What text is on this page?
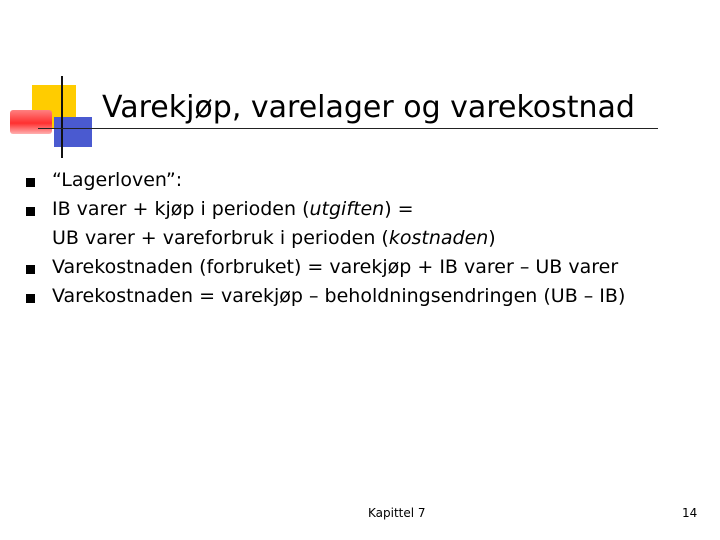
Varekjøp, varelager og varekostnad
“Lagerloven”:
IB varer + kjøp i perioden (utgiften) =
UB varer + vareforbruk i perioden (kostnaden)
Varekostnaden (forbruket) = varekjøp + IB varer – UB varer
Varekostnaden = varekjøp – beholdningsendringen (UB – IB)
Kapittel 7	14
